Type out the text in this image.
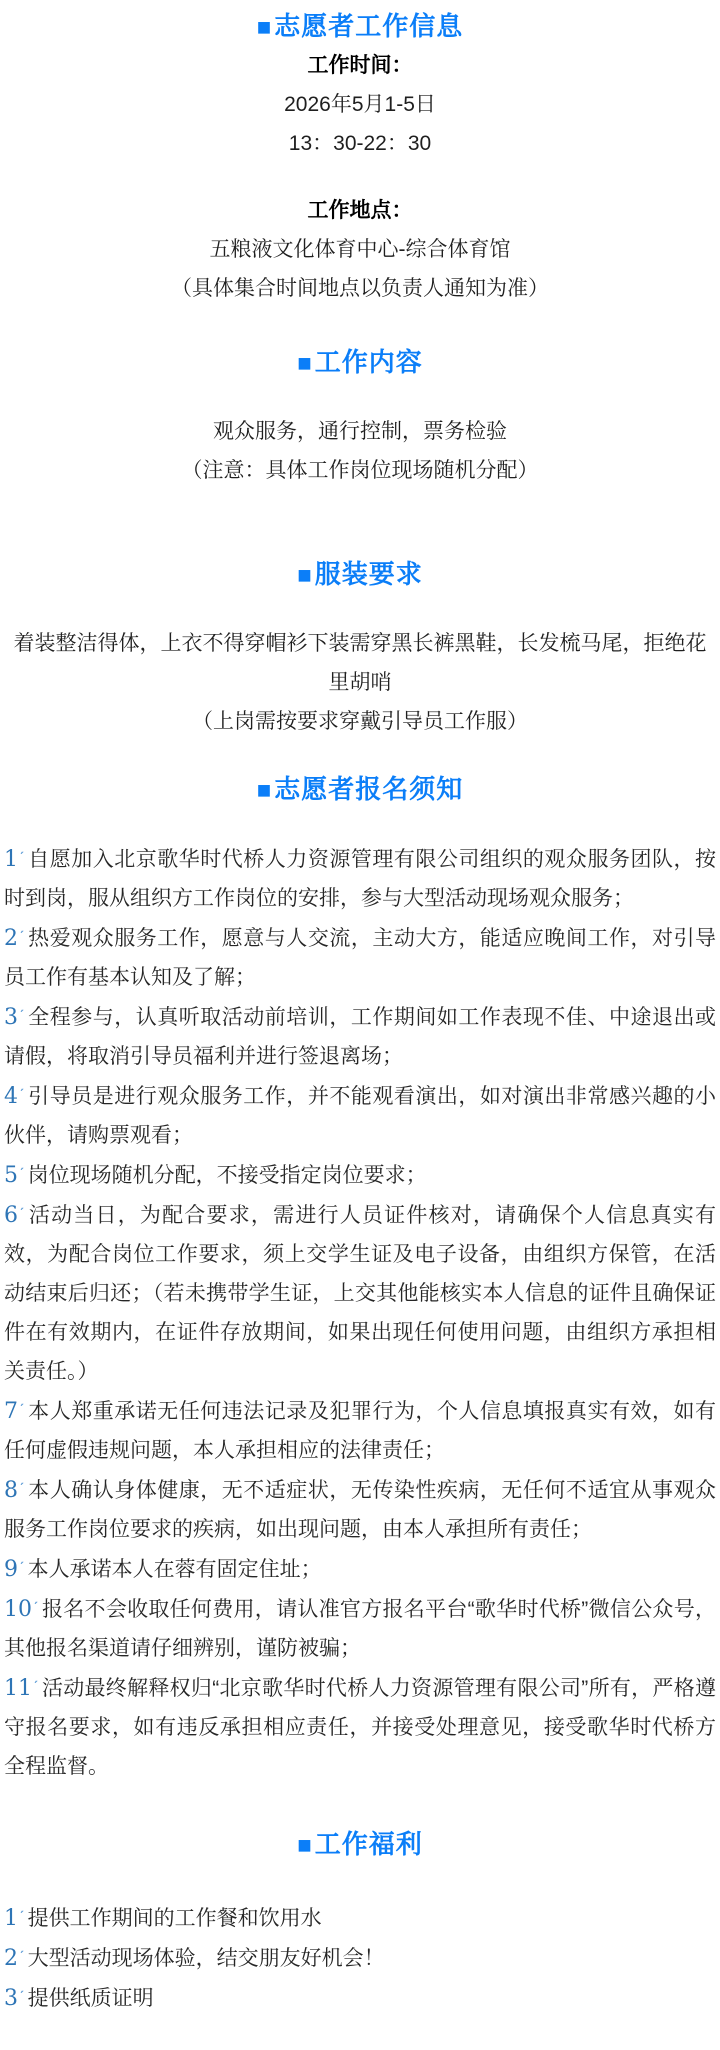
■志愿者工作信息
工作时间：
2026年5月1-5日
13：30-22：30
工作地点：
五粮液文化体育中心-综合体育馆
（具体集合时间地点以负责人通知为准）
■工作内容
观众服务，通行控制，票务检验
（注意：具体工作岗位现场随机分配）
■服装要求
着装整洁得体，上衣不得穿帽衫下装需穿黑长裤黑鞋，长发梳马尾，拒绝花里胡哨
（上岗需按要求穿戴引导员工作服）
■志愿者报名须知
1ˊ 自愿加入北京歌华时代桥人力资源管理有限公司组织的观众服务团队，按时到岗，服从组织方工作岗位的安排，参与大型活动现场观众服务；
2ˊ 热爱观众服务工作，愿意与人交流，主动大方，能适应晚间工作，对引导员工作有基本认知及了解；
3ˊ 全程参与，认真听取活动前培训，工作期间如工作表现不佳、中途退出或请假，将取消引导员福利并进行签退离场；
4ˊ 引导员是进行观众服务工作，并不能观看演出，如对演出非常感兴趣的小伙伴，请购票观看；
5ˊ 岗位现场随机分配，不接受指定岗位要求；
6ˊ 活动当日，为配合要求，需进行人员证件核对，请确保个人信息真实有效，为配合岗位工作要求，须上交学生证及电子设备，由组织方保管，在活动结束后归还；（若未携带学生证，上交其他能核实本人信息的证件且确保证件在有效期内，在证件存放期间，如果出现任何使用问题，由组织方承担相关责任。）
7ˊ 本人郑重承诺无任何违法记录及犯罪行为，个人信息填报真实有效，如有任何虚假违规问题，本人承担相应的法律责任；
8ˊ 本人确认身体健康，无不适症状，无传染性疾病，无任何不适宜从事观众服务工作岗位要求的疾病，如出现问题，由本人承担所有责任；
9ˊ 本人承诺本人在蓉有固定住址；
10ˊ 报名不会收取任何费用，请认准官方报名平台“歌华时代桥”微信公众号，其他报名渠道请仔细辨别，谨防被骗；
11ˊ 活动最终解释权归“北京歌华时代桥人力资源管理有限公司”所有，严格遵守报名要求，如有违反承担相应责任，并接受处理意见，接受歌华时代桥方全程监督。
■工作福利
1ˊ 提供工作期间的工作餐和饮用水
2ˊ 大型活动现场体验，结交朋友好机会！
3ˊ 提供纸质证明
